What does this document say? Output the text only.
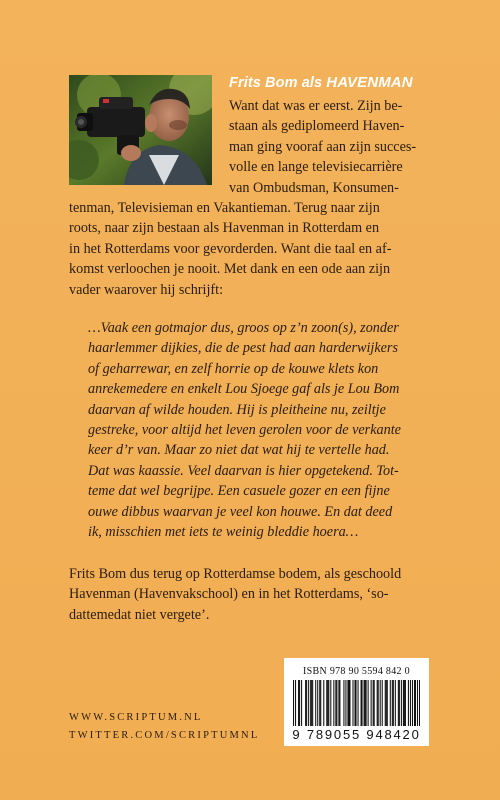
Frits Bom als HAVENMAN
Want dat was er eerst. Zijn be-
staan als gediplomeerd Haven-
man ging vooraf aan zijn succes-
volle en lange televisiecarrière
van Ombudsman, Konsumen-
tenman, Televisieman en Vakantieman. Terug naar zijn
roots, naar zijn bestaan als Havenman in Rotterdam en
in het Rotterdams voor gevorderden. Want die taal en af-
komst verloochen je nooit. Met dank en een ode aan zijn
vader waarover hij schrijft:
…Vaak een gotmajor dus, groos op z’n zoon(s), zonder
haarlemmer dijkies, die de pest had aan harderwijkers
of geharrewar, en zelf horrie op de kouwe klets kon
anrekemedere en enkelt Lou Sjoege gaf als je Lou Bom
daarvan af wilde houden. Hij is pleitheine nu, zeiltje
gestreke, voor altijd het leven gerolen voor de verkante
keer d’r van. Maar zo niet dat wat hij te vertelle had.
Dat was kaassie. Veel daarvan is hier opgetekend. Tot-
teme dat wel begrijpe. Een casuele gozer en een fijne
ouwe dibbus waarvan je veel kon houwe. En dat deed
ik, misschien met iets te weinig bleddie hoera…
Frits Bom dus terug op Rotterdamse bodem, als geschoold
Havenman (Havenvakschool) en in het Rotterdams, ‘so-
dattemedat niet vergete’.
ISBN 978 90 5594 842 0
9 789055 948420
WWW.SCRIPTUM.NL
TWITTER.COM/SCRIPTUMNL
